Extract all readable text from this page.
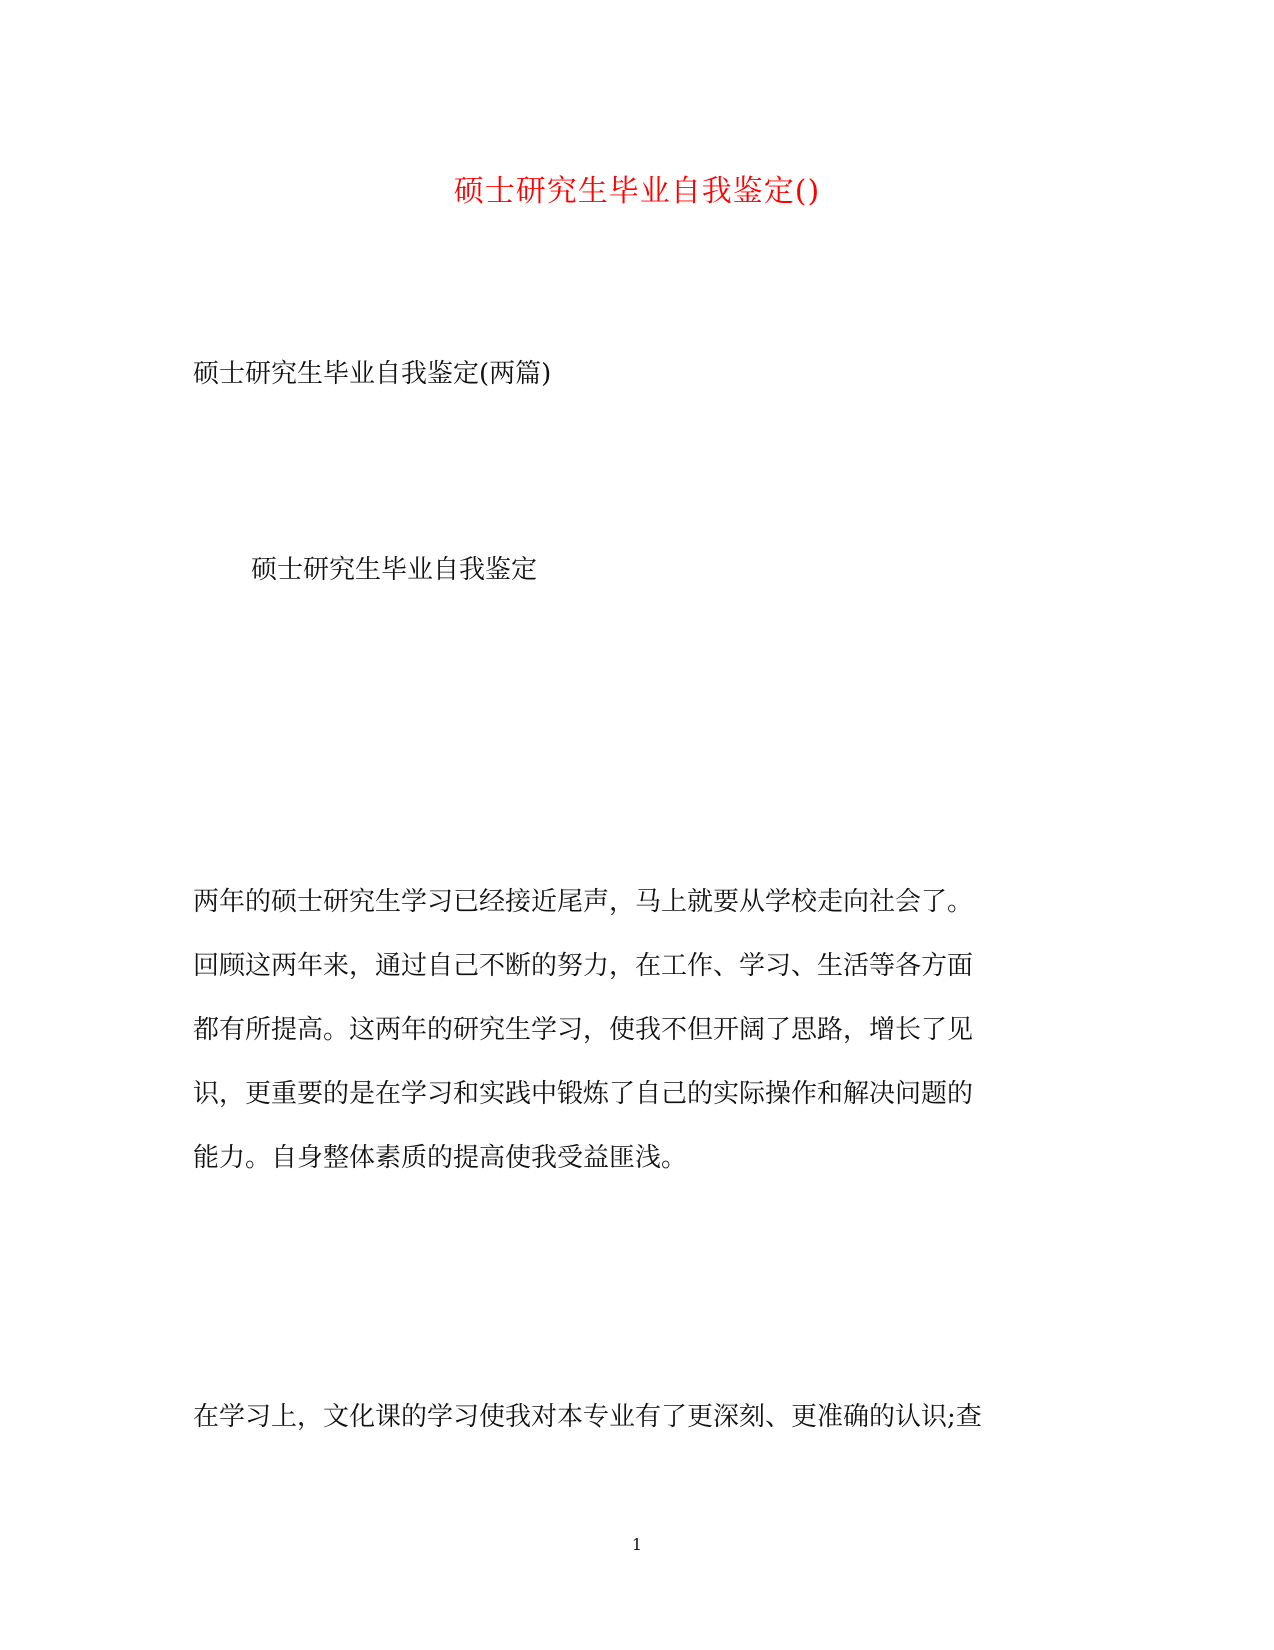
硕士研究生毕业自我鉴定()
硕士研究生毕业自我鉴定(两篇)
硕士研究生毕业自我鉴定
两年的硕士研究生学习已经接近尾声，马上就要从学校走向社会了。
回顾这两年来，通过自己不断的努力，在工作、学习、生活等各方面
都有所提高。这两年的研究生学习，使我不但开阔了思路，增长了见
识，更重要的是在学习和实践中锻炼了自己的实际操作和解决问题的
能力。自身整体素质的提高使我受益匪浅。
在学习上，文化课的学习使我对本专业有了更深刻、更准确的认识;查
1
